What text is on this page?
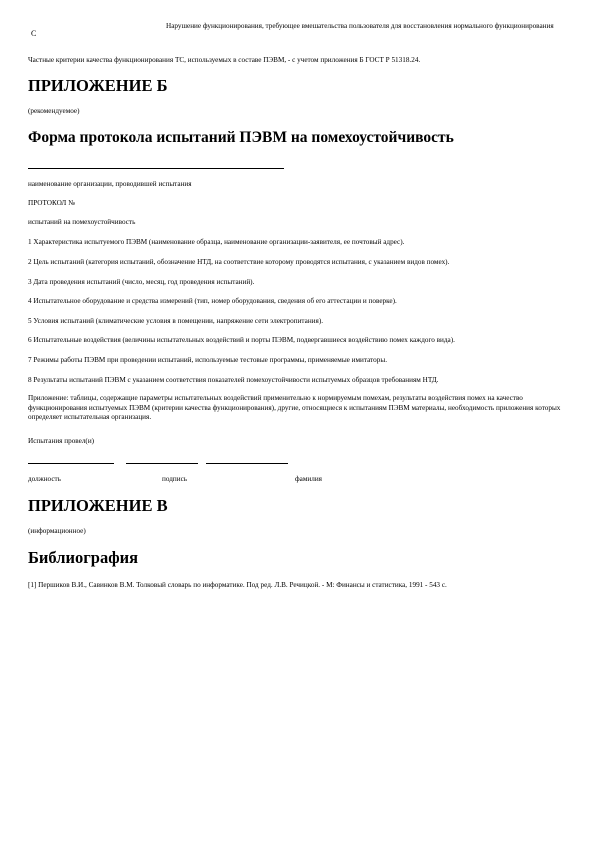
С
Нарушение функционирования, требующее вмешательства пользователя для восстановления нормального функционирования
Частные критерии качества функционирования ТС, используемых в составе ПЭВМ, - с учетом приложения Б ГОСТ Р 51318.24.
ПРИЛОЖЕНИЕ Б
(рекомендуемое)
Форма протокола испытаний ПЭВМ на помехоустойчивость
наименование организации, проводившей испытания
ПРОТОКОЛ №
испытаний на помехоустойчивость
1 Характеристика испытуемого ПЭВМ (наименование образца, наименование организации-заявителя, ее почтовый адрес).
2 Цель испытаний (категория испытаний, обозначение НТД, на соответствие которому проводятся испытания, с указанием видов помех).
3 Дата проведения испытаний (число, месяц, год проведения испытаний).
4 Испытательное оборудование и средства измерений (тип, номер оборудования, сведения об его аттестации и поверке).
5 Условия испытаний (климатические условия в помещении, напряжение сети электропитания).
6 Испытательные воздействия (величины испытательных воздействий и порты ПЭВМ, подвергавшиеся воздействию помех каждого вида).
7 Режимы работы ПЭВМ при проведении испытаний, используемые тестовые программы, применяемые имитаторы.
8 Результаты испытаний ПЭВМ с указанием соответствия показателей помехоустойчивости испытуемых образцов требованиям НТД.
Приложение: таблицы, содержащие параметры испытательных воздействий применительно к нормируемым помехам, результаты воздействия помех на качество функционирования испытуемых ПЭВМ (критерии качества функционирования), другие, относящиеся к испытаниям ПЭВМ материалы, необходимость приложения которых определяет испытательная организация.
Испытания провел(и)
должность	подпись	фамилия
ПРИЛОЖЕНИЕ В
(информационное)
Библиография
[1] Першиков В.И., Савинков В.М. Толковый словарь по информатике. Под ред. Л.В. Речицкой. - М: Финансы и статистика, 1991 - 543 с.
